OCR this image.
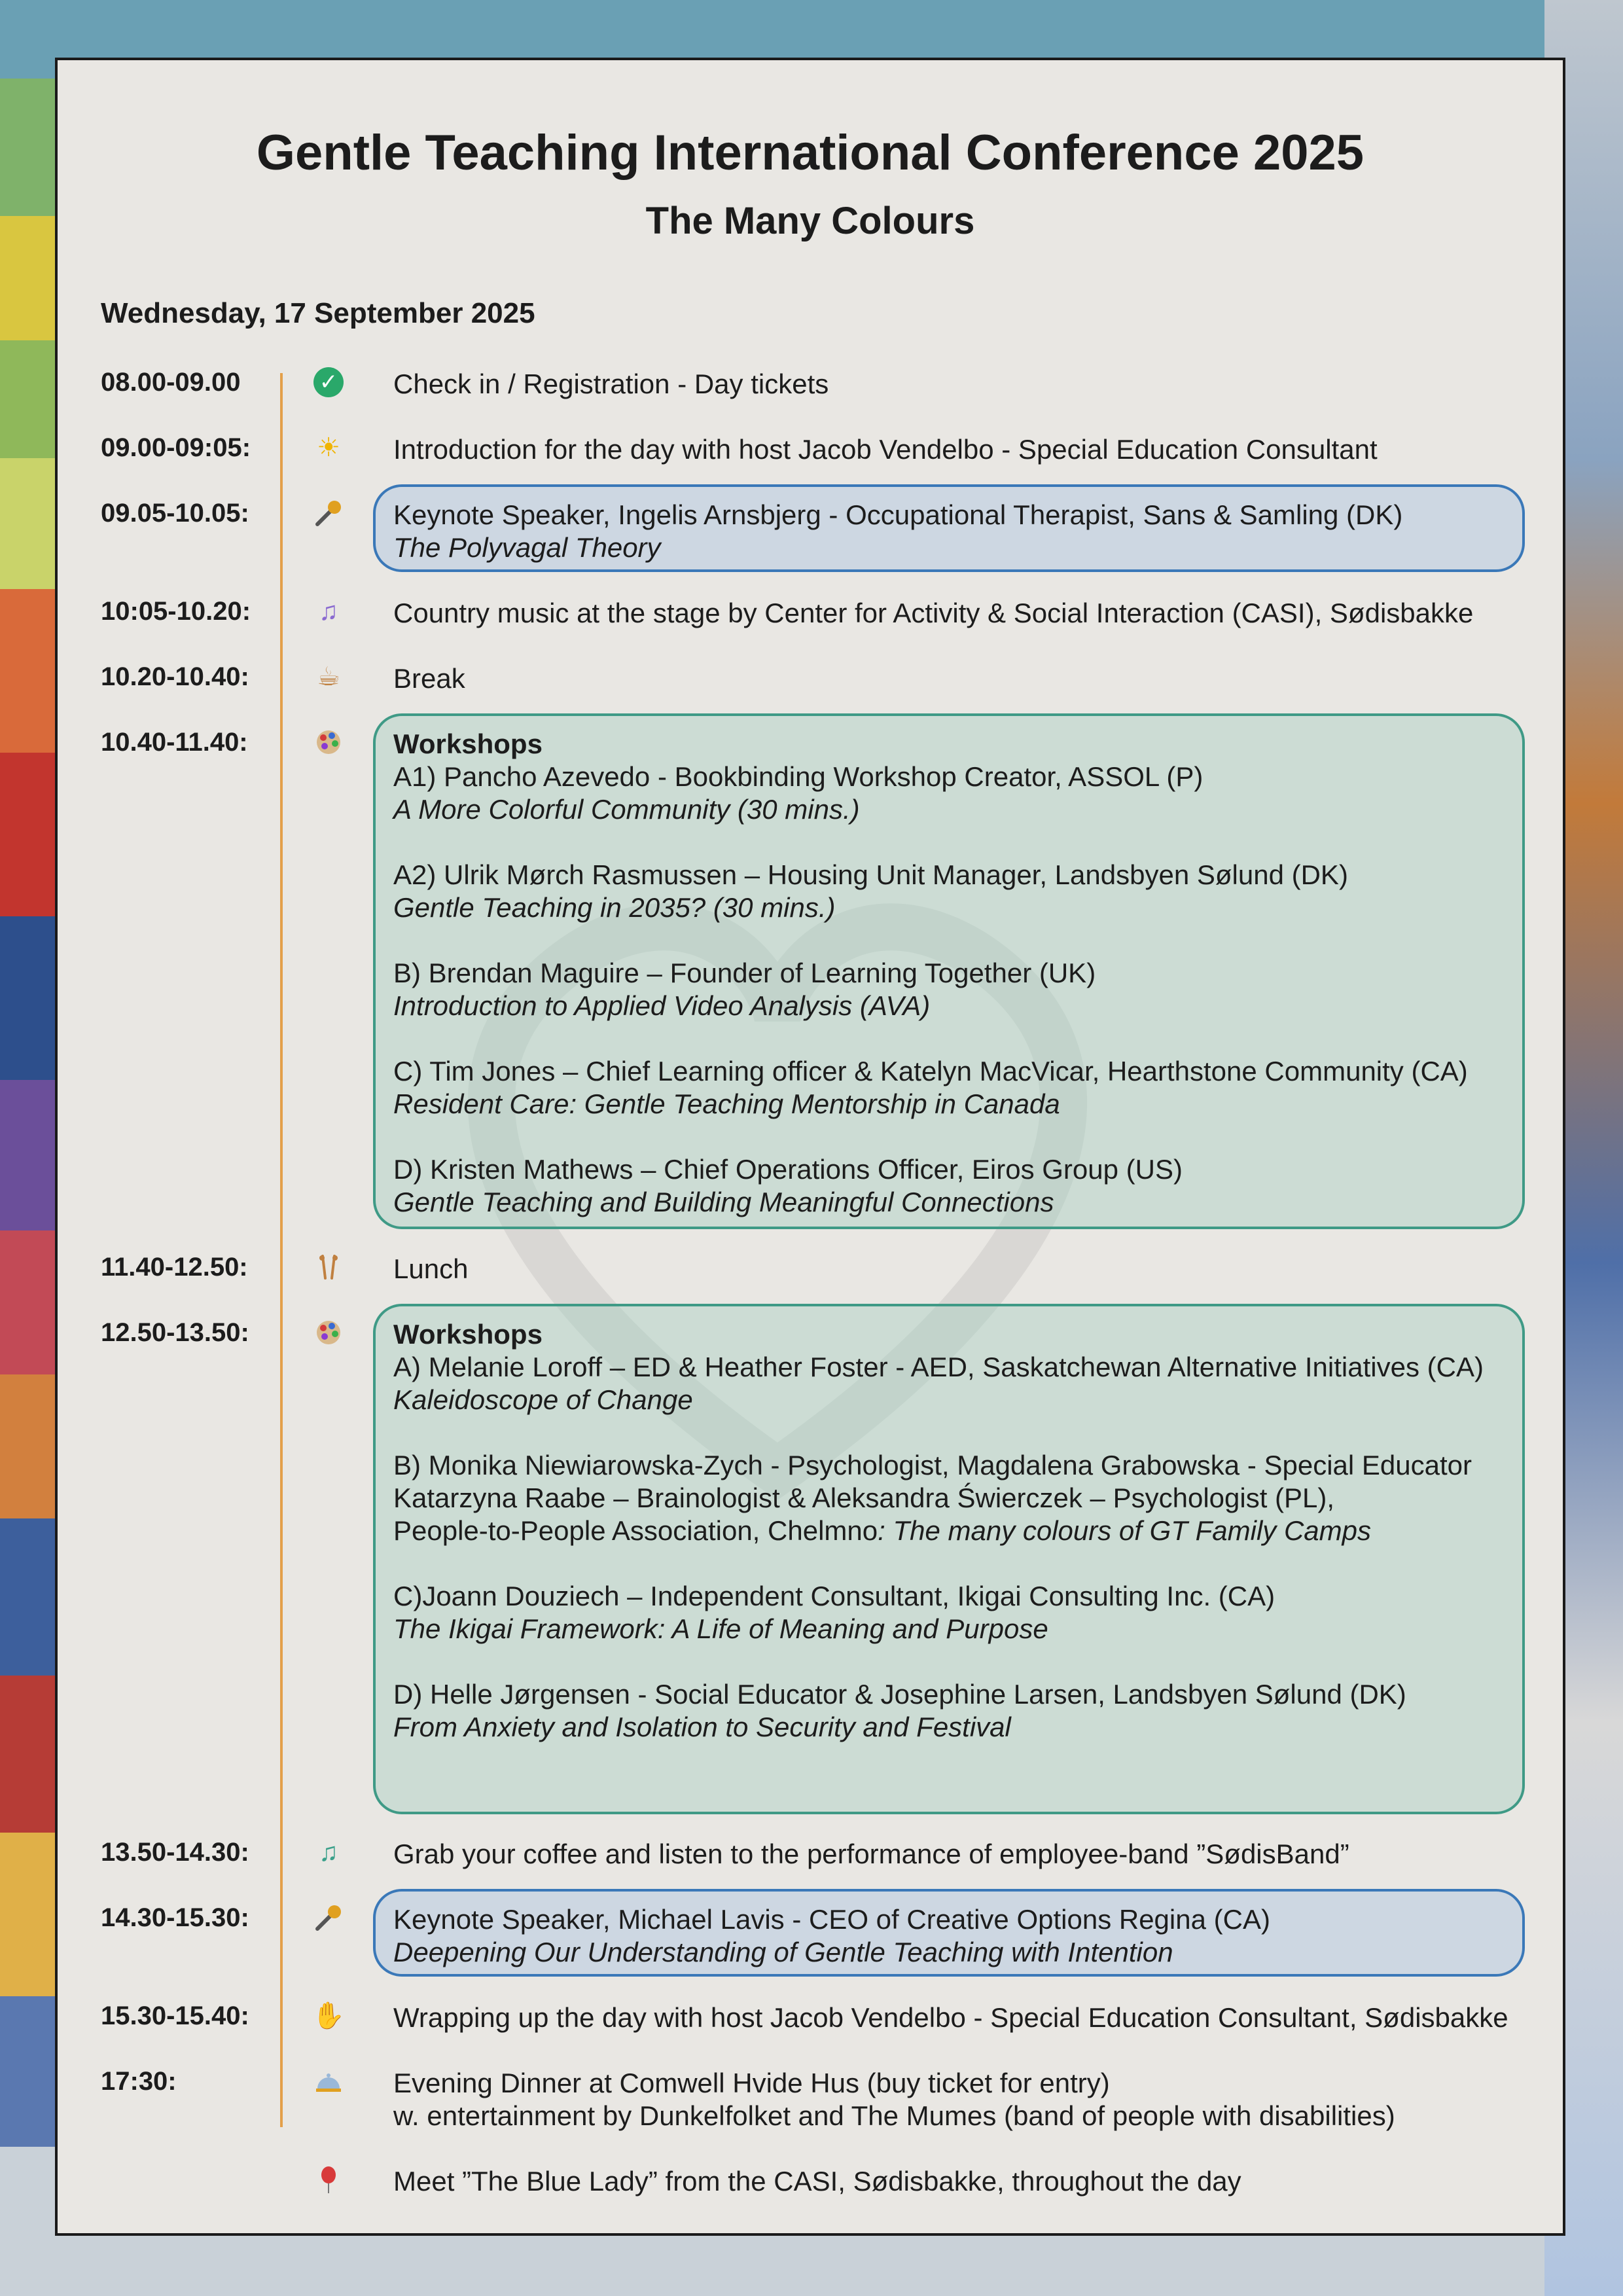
Gentle Teaching International Conference 2025
The Many Colours
Wednesday, 17 September 2025
08.00-09.00	✓ Check in / Registration - Day tickets
09.00-09:05:	☀ Introduction for the day with host Jacob Vendelbo - Special Education Consultant
09.05-10.05:	Keynote Speaker, Ingelis Arnsbjerg - Occupational Therapist, Sans & Samling (DK)
The Polyvagal Theory
10:05-10.20:	♫ Country music at the stage by Center for Activity & Social Interaction (CASI), Sødisbakke
10.20-10.40:	☕ Break
10.40-11.40:	Workshops
A1) Pancho Azevedo - Bookbinding Workshop Creator, ASSOL (P)
A More Colorful Community (30 mins.)
A2) Ulrik Mørch Rasmussen – Housing Unit Manager, Landsbyen Sølund (DK)
Gentle Teaching in 2035? (30 mins.)
B) Brendan Maguire – Founder of Learning Together (UK)
Introduction to Applied Video Analysis (AVA)
C) Tim Jones – Chief Learning officer & Katelyn MacVicar, Hearthstone Community (CA)
Resident Care: Gentle Teaching Mentorship in Canada
D) Kristen Mathews – Chief Operations Officer, Eiros Group (US)
Gentle Teaching and Building Meaningful Connections
11.40-12.50:	Lunch
12.50-13.50:	Workshops
A) Melanie Loroff – ED & Heather Foster - AED, Saskatchewan Alternative Initiatives (CA)
Kaleidoscope of Change
B) Monika Niewiarowska-Zych - Psychologist, Magdalena Grabowska - Special Educator
Katarzyna Raabe – Brainologist & Aleksandra Świerczek – Psychologist (PL),
People-to-People Association, Chelmno: The many colours of GT Family Camps
C)Joann Douziech – Independent Consultant, Ikigai Consulting Inc. (CA)
The Ikigai Framework: A Life of Meaning and Purpose
D) Helle Jørgensen - Social Educator & Josephine Larsen, Landsbyen Sølund (DK)
From Anxiety and Isolation to Security and Festival
13.50-14.30:	♫ Grab your coffee and listen to the performance of employee-band ”SødisBand”
14.30-15.30:	Keynote Speaker, Michael Lavis - CEO of Creative Options Regina (CA)
Deepening Our Understanding of Gentle Teaching with Intention
15.30-15.40: ✋ Wrapping up the day with host Jacob Vendelbo - Special Education Consultant, Sødisbakke
17:30:	Evening Dinner at Comwell Hvide Hus (buy ticket for entry)
w. entertainment by Dunkelfolket and The Mumes (band of people with disabilities)
Meet ”The Blue Lady” from the CASI, Sødisbakke, throughout the day
